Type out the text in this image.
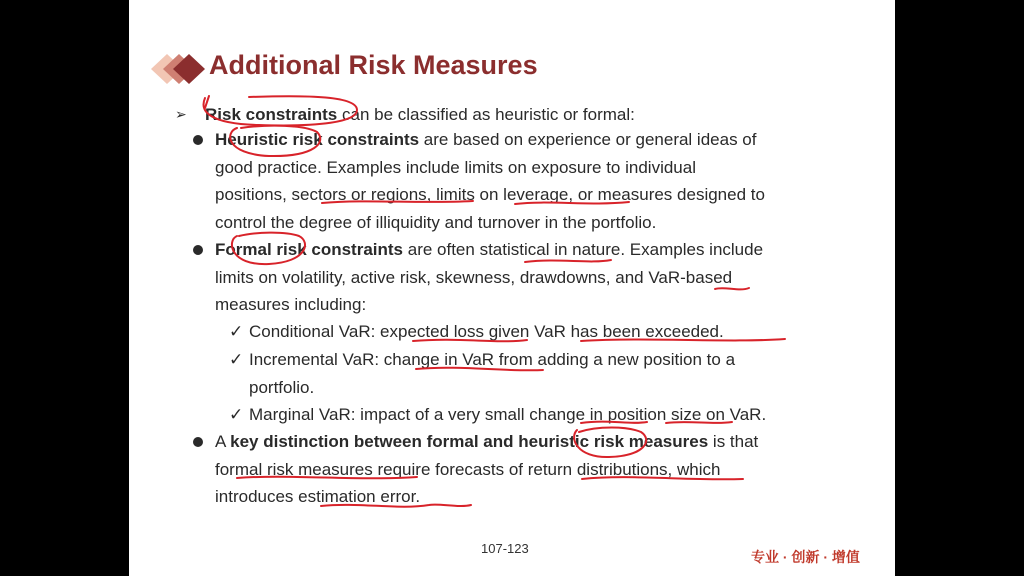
Additional Risk Measures
➢ Risk constraints can be classified as heuristic or formal:
Heuristic risk constraints are based on experience or general ideas of
good practice. Examples include limits on exposure to individual
positions, sectors or regions, limits on leverage, or measures designed to
control the degree of illiquidity and turnover in the portfolio.
Formal risk constraints are often statistical in nature. Examples include
limits on volatility, active risk, skewness, drawdowns, and VaR-based
measures including:
✓ Conditional VaR: expected loss given VaR has been exceeded.
✓ Incremental VaR: change in VaR from adding a new position to a
portfolio.
✓ Marginal VaR: impact of a very small change in position size on VaR.
A key distinction between formal and heuristic risk measures is that
formal risk measures require forecasts of return distributions, which
introduces estimation error.
107-123
专业 · 创新 · 增值
